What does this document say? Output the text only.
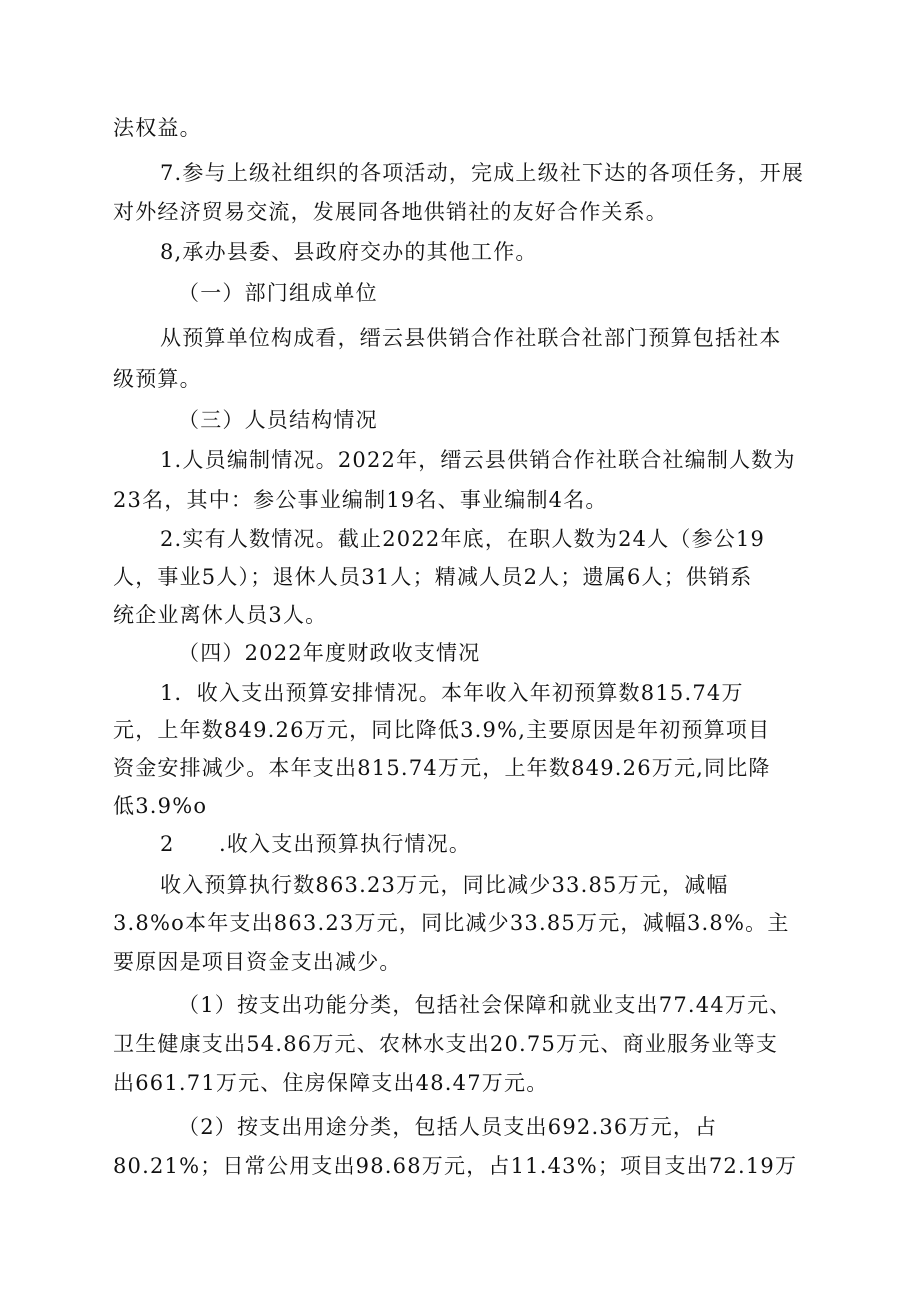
法权益。
7.参与上级社组织的各项活动，完成上级社下达的各项任务，开展
对外经济贸易交流，发展同各地供销社的友好合作关系。
8,承办县委、县政府交办的其他工作。
（一）部门组成单位
从预算单位构成看，缙云县供销合作社联合社部门预算包括社本
级预算。
（三）人员结构情况
1.人员编制情况。2022年，缙云县供销合作社联合社编制人数为
23名，其中：参公事业编制19名、事业编制4名。
2.实有人数情况。截止2022年底，在职人数为24人（参公19
人，事业5人）；退休人员31人；精减人员2人；遗属6人；供销系
统企业离休人员3人。
（四）2022年度财政收支情况
1．收入支出预算安排情况。本年收入年初预算数815.74万
元，上年数849.26万元，同比降低3.9%,主要原因是年初预算项目
资金安排减少。本年支出815.74万元，上年数849.26万元,同比降
低3.9%o
2　　.收入支出预算执行情况。
收入预算执行数863.23万元，同比减少33.85万元，减幅
3.8%o本年支出863.23万元，同比减少33.85万元，减幅3.8%。主
要原因是项目资金支出减少。
（1）按支出功能分类，包括社会保障和就业支出77.44万元、
卫生健康支出54.86万元、农林水支出20.75万元、商业服务业等支
出661.71万元、住房保障支出48.47万元。
（2）按支出用途分类，包括人员支出692.36万元，占
80.21%；日常公用支出98.68万元，占11.43%；项目支出72.19万
